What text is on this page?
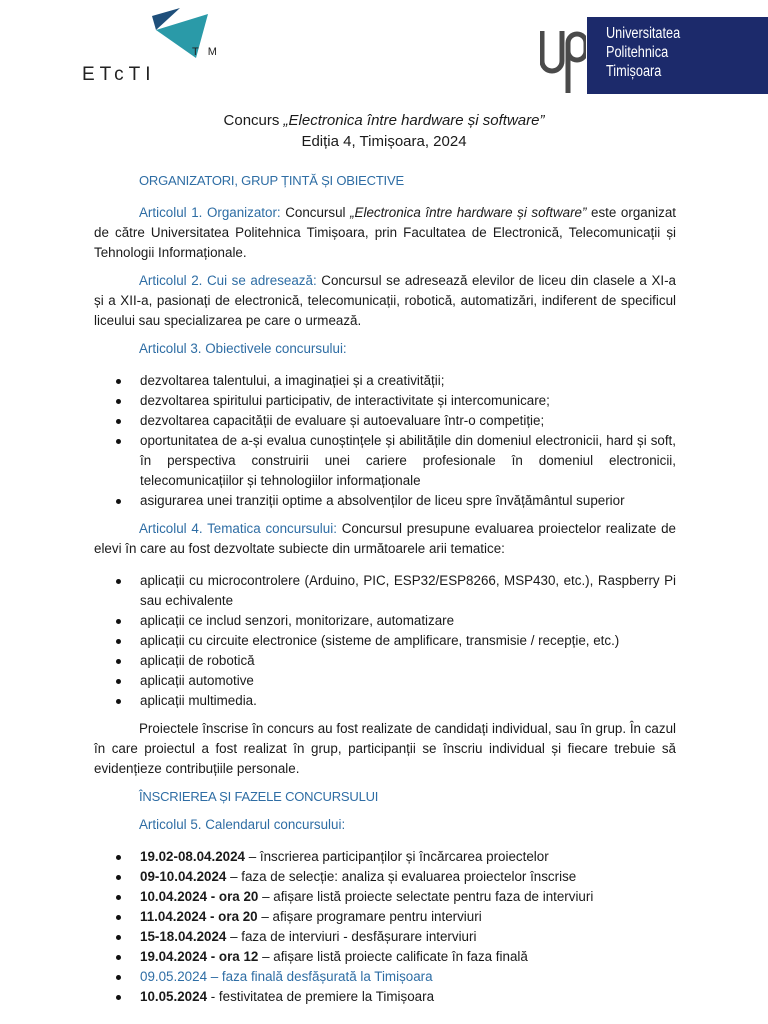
TM
ETcTI
Universitatea
Politehnica
Timișoara
Concurs „Electronica între hardware și software”
Ediția 4, Timișoara, 2024

ORGANIZATORI, GRUP ȚINTĂ ȘI OBIECTIVE

Articolul 1. Organizator: Concursul „Electronica între hardware și software” este organizat de către Universitatea Politehnica Timișoara, prin Facultatea de Electronică, Telecomunicații și Tehnologii Informaționale.

Articolul 2. Cui se adresează: Concursul se adresează elevilor de liceu din clasele a XI-a și a XII-a, pasionați de electronică, telecomunicații, robotică, automatizări, indiferent de specificul liceului sau specializarea pe care o urmează.

Articolul 3. Obiectivele concursului:

dezvoltarea talentului, a imaginației și a creativității;
dezvoltarea spiritului participativ, de interactivitate și intercomunicare;
dezvoltarea capacității de evaluare și autoevaluare într-o competiție;
oportunitatea de a-și evalua cunoștințele și abilitățile din domeniul electronicii, hard și soft, în perspectiva construirii unei cariere profesionale în domeniul electronicii, telecomunicațiilor și tehnologiilor informaționale
asigurarea unei tranziții optime a absolvenților de liceu spre învățământul superior

Articolul 4. Tematica concursului: Concursul presupune evaluarea proiectelor realizate de elevi în care au fost dezvoltate subiecte din următoarele arii tematice:

aplicații cu microcontrolere (Arduino, PIC, ESP32/ESP8266, MSP430, etc.), Raspberry Pi sau echivalente
aplicații ce includ senzori, monitorizare, automatizare
aplicații cu circuite electronice (sisteme de amplificare, transmisie / recepție, etc.)
aplicații de robotică
aplicații automotive
aplicații multimedia.

Proiectele înscrise în concurs au fost realizate de candidați individual, sau în grup. În cazul în care proiectul a fost realizat în grup, participanții se înscriu individual și fiecare trebuie să evidențieze contribuțiile personale.

ÎNSCRIEREA ȘI FAZELE CONCURSULUI

Articolul 5. Calendarul concursului:

19.02-08.04.2024 – înscrierea participanților și încărcarea proiectelor
09-10.04.2024 – faza de selecție: analiza și evaluarea proiectelor înscrise
10.04.2024 - ora 20 – afișare listă proiecte selectate pentru faza de interviuri
11.04.2024 - ora 20 – afișare programare pentru interviuri
15-18.04.2024 – faza de interviuri - desfășurare interviuri
19.04.2024 - ora 12 – afișare listă proiecte calificate în faza finală
09.05.2024 – faza finală desfășurată la Timișoara
10.05.2024 - festivitatea de premiere la Timișoara
